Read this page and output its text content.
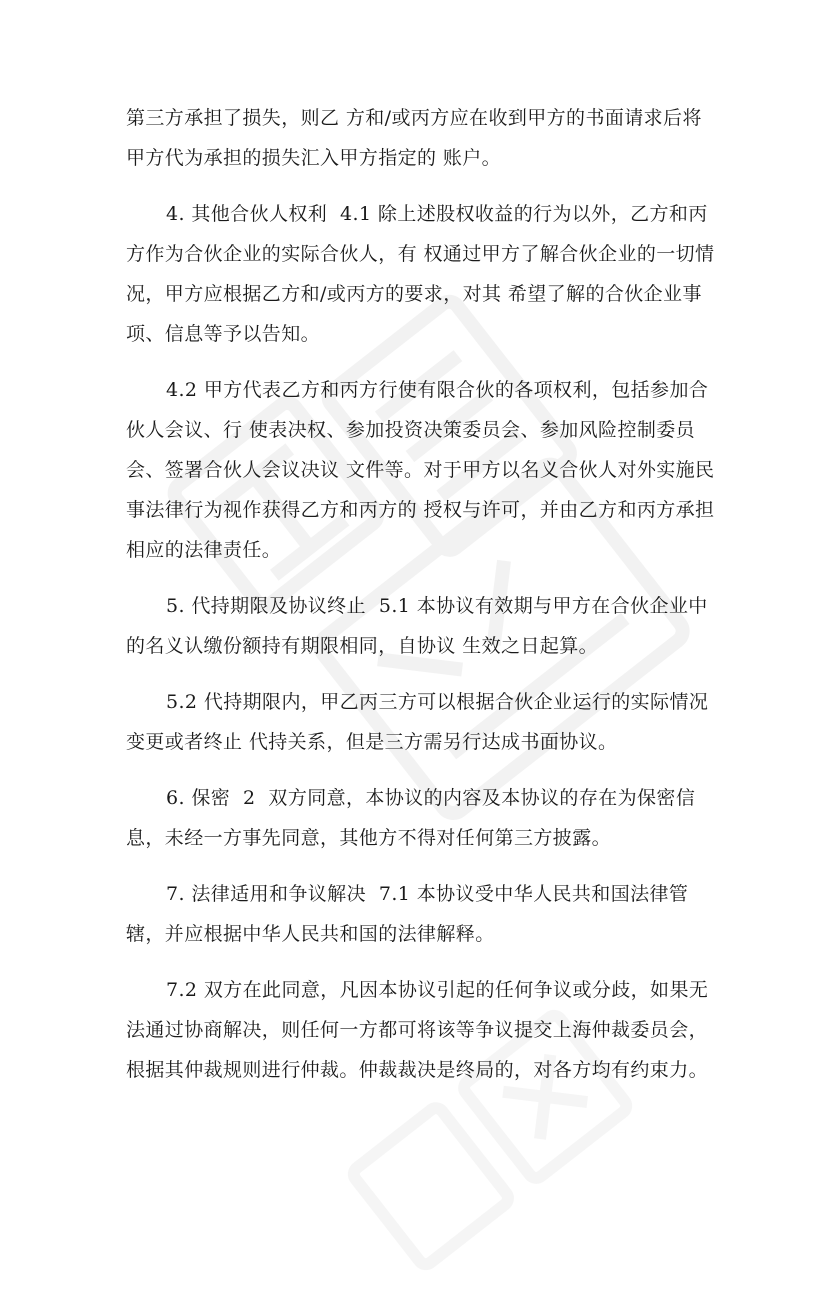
第三方承担了损失，则乙 方和/或丙方应在收到甲方的书面请求后将甲方代为承担的损失汇入甲方指定的 账户。

4. 其他合伙人权利  4.1 除上述股权收益的行为以外，乙方和丙方作为合伙企业的实际合伙人，有 权通过甲方了解合伙企业的一切情况，甲方应根据乙方和/或丙方的要求，对其 希望了解的合伙企业事项、信息等予以告知。

4.2 甲方代表乙方和丙方行使有限合伙的各项权利，包括参加合伙人会议、行 使表决权、参加投资决策委员会、参加风险控制委员会、签署合伙人会议决议 文件等。对于甲方以名义合伙人对外实施民事法律行为视作获得乙方和丙方的 授权与许可，并由乙方和丙方承担相应的法律责任。

5. 代持期限及协议终止  5.1 本协议有效期与甲方在合伙企业中的名义认缴份额持有期限相同，自协议 生效之日起算。

5.2 代持期限内，甲乙丙三方可以根据合伙企业运行的实际情况变更或者终止 代持关系，但是三方需另行达成书面协议。

6. 保密  2  双方同意，本协议的内容及本协议的存在为保密信息，未经一方事先同意，其他方不得对任何第三方披露。

7. 法律适用和争议解决  7.1 本协议受中华人民共和国法律管辖，并应根据中华人民共和国的法律解释。

7.2 双方在此同意，凡因本协议引起的任何争议或分歧，如果无法通过协商解决，则任何一方都可将该等争议提交上海仲裁委员会，根据其仲裁规则进行仲裁。仲裁裁决是终局的，对各方均有约束力。
